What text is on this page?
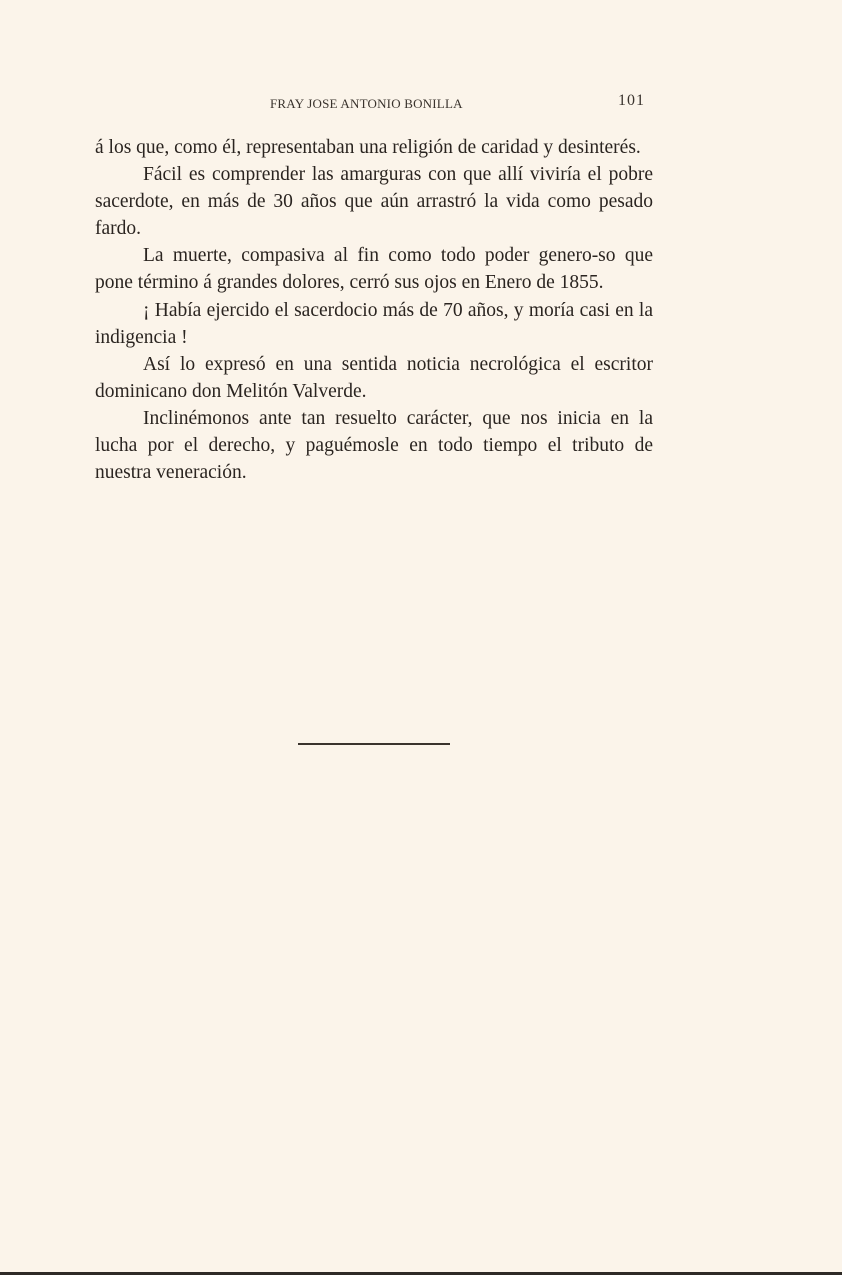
FRAY JOSE ANTONIO BONILLA	101

á los que, como él, representaban una religión de caridad y desinterés.

Fácil es comprender las amarguras con que allí viviría el pobre sacerdote, en más de 30 años que aún arrastró la vida como pesado fardo.

La muerte, compasiva al fin como todo poder genero-so que pone término á grandes dolores, cerró sus ojos en Enero de 1855.

¡ Había ejercido el sacerdocio más de 70 años, y moría casi en la indigencia !

Así lo expresó en una sentida noticia necrológica el escritor dominicano don Melitón Valverde.

Inclinémonos ante tan resuelto carácter, que nos inicia en la lucha por el derecho, y paguémosle en todo tiempo el tributo de nuestra veneración.
